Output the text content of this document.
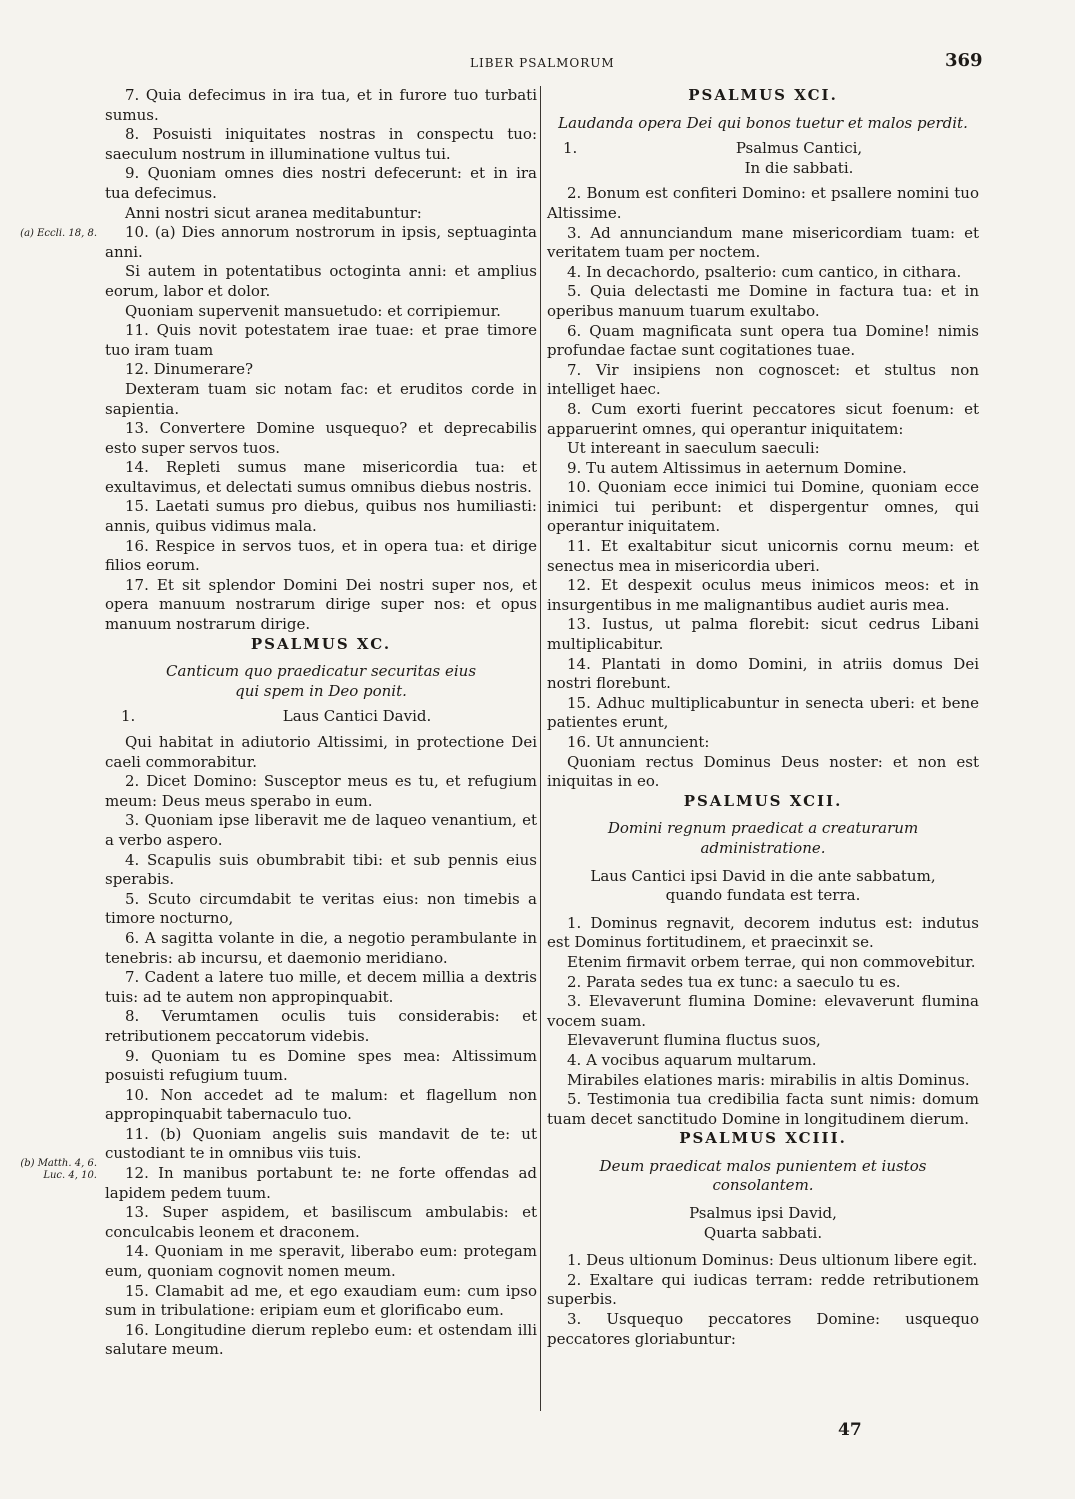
LIBER PSALMORUM	369
(a) Eccli. 18, 8.
(b) Matth. 4, 6. Luc. 4, 10.

7. Quia defecimus in ira tua, et in furore tuo turbati sumus.

8. Posuisti iniquitates nostras in conspectu tuo: saeculum nostrum in illuminatione vultus tui.

9. Quoniam omnes dies nostri defecerunt: et in ira tua defecimus.

Anni nostri sicut aranea meditabuntur:

10. (a) Dies annorum nostrorum in ipsis, septuaginta anni.

Si autem in potentatibus octoginta anni: et amplius eorum, labor et dolor.

Quoniam supervenit mansuetudo: et corripiemur.

11. Quis novit potestatem irae tuae: et prae timore tuo iram tuam

12. Dinumerare?

Dexteram tuam sic notam fac: et eruditos corde in sapientia.

13. Convertere Domine usquequo? et deprecabilis esto super servos tuos.

14. Repleti sumus mane misericordia tua: et exultavimus, et delectati sumus omnibus diebus nostris.

15. Laetati sumus pro diebus, quibus nos humiliasti: annis, quibus vidimus mala.

16. Respice in servos tuos, et in opera tua: et dirige filios eorum.

17. Et sit splendor Domini Dei nostri super nos, et opera manuum nostrarum dirige super nos: et opus manuum nostrarum dirige.

PSALMUS XC.
Canticum quo praedicatur securitas eius
qui spem in Deo ponit.
1.	Laus Cantici David.

Qui habitat in adiutorio Altissimi, in protectione Dei caeli commorabitur.

2. Dicet Domino: Susceptor meus es tu, et refugium meum: Deus meus sperabo in eum.

3. Quoniam ipse liberavit me de laqueo venantium, et a verbo aspero.

4. Scapulis suis obumbrabit tibi: et sub pennis eius sperabis.

5. Scuto circumdabit te veritas eius: non timebis a timore nocturno,

6. A sagitta volante in die, a negotio perambulante in tenebris: ab incursu, et daemonio meridiano.

7. Cadent a latere tuo mille, et decem millia a dextris tuis: ad te autem non appropinquabit.

8. Verumtamen oculis tuis considerabis: et retributionem peccatorum videbis.

9. Quoniam tu es Domine spes mea: Altissimum posuisti refugium tuum.

10. Non accedet ad te malum: et flagellum non appropinquabit tabernaculo tuo.

11. (b) Quoniam angelis suis mandavit de te: ut custodiant te in omnibus viis tuis.

12. In manibus portabunt te: ne forte offendas ad lapidem pedem tuum.

13. Super aspidem, et basiliscum ambulabis: et conculcabis leonem et draconem.

14. Quoniam in me speravit, liberabo eum: protegam eum, quoniam cognovit nomen meum.

15. Clamabit ad me, et ego exaudiam eum: cum ipso sum in tribulatione: eripiam eum et glorificabo eum.

16. Longitudine dierum replebo eum: et ostendam illi salutare meum.

PSALMUS XCI.
Laudanda opera Dei qui bonos tuetur et malos perdit.
1.	Psalmus Cantici,
In die sabbati.

2. Bonum est confiteri Domino: et psallere nomini tuo Altissime.

3. Ad annunciandum mane misericordiam tuam: et veritatem tuam per noctem.

4. In decachordo, psalterio: cum cantico, in cithara.

5. Quia delectasti me Domine in factura tua: et in operibus manuum tuarum exultabo.

6. Quam magnificata sunt opera tua Domine! nimis profundae factae sunt cogitationes tuae.

7. Vir insipiens non cognoscet: et stultus non intelliget haec.

8. Cum exorti fuerint peccatores sicut foenum: et apparuerint omnes, qui operantur iniquitatem:

Ut intereant in saeculum saeculi:

9. Tu autem Altissimus in aeternum Domine.

10. Quoniam ecce inimici tui Domine, quoniam ecce inimici tui peribunt: et dispergentur omnes, qui operantur iniquitatem.

11. Et exaltabitur sicut unicornis cornu meum: et senectus mea in misericordia uberi.

12. Et despexit oculus meus inimicos meos: et in insurgentibus in me malignantibus audiet auris mea.

13. Iustus, ut palma florebit: sicut cedrus Libani multiplicabitur.

14. Plantati in domo Domini, in atriis domus Dei nostri florebunt.

15. Adhuc multiplicabuntur in senecta uberi: et bene patientes erunt,

16. Ut annuncient:

Quoniam rectus Dominus Deus noster: et non est iniquitas in eo.

PSALMUS XCII.
Domini regnum praedicat a creaturarum
administratione.
Laus Cantici ipsi David in die ante sabbatum,
quando fundata est terra.

1. Dominus regnavit, decorem indutus est: indutus est Dominus fortitudinem, et praecinxit se.

Etenim firmavit orbem terrae, qui non commovebitur.

2. Parata sedes tua ex tunc: a saeculo tu es.

3. Elevaverunt flumina Domine: elevaverunt flumina vocem suam.

Elevaverunt flumina fluctus suos,

4. A vocibus aquarum multarum.

Mirabiles elationes maris: mirabilis in altis Dominus.

5. Testimonia tua credibilia facta sunt nimis: domum tuam decet sanctitudo Domine in longitudinem dierum.

PSALMUS XCIII.
Deum praedicat malos punientem et iustos
consolantem.
Psalmus ipsi David,
Quarta sabbati.

1. Deus ultionum Dominus: Deus ultionum libere egit.

2. Exaltare qui iudicas terram: redde retributionem superbis.

3. Usquequo peccatores Domine: usquequo peccatores gloriabuntur:

47
